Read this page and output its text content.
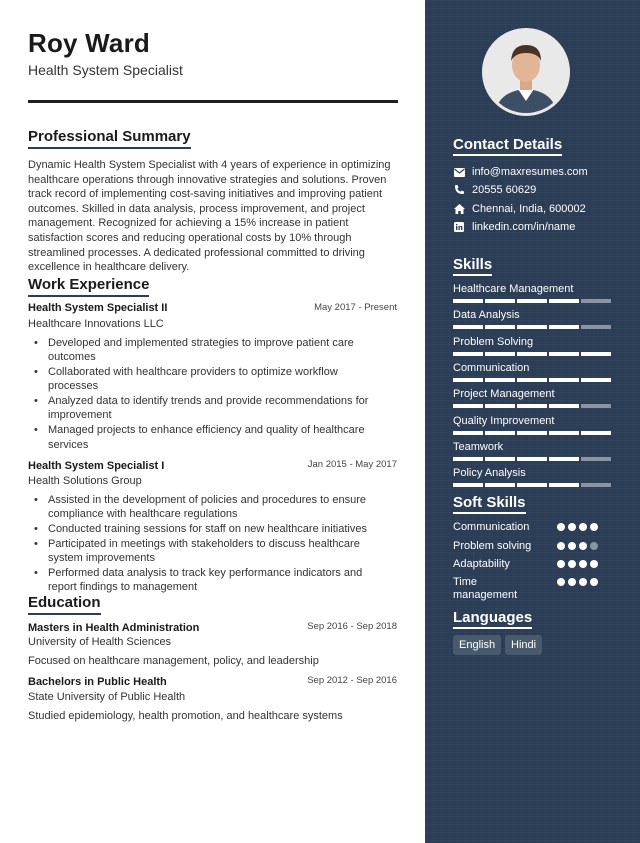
Roy Ward
Health System Specialist
Professional Summary
Dynamic Health System Specialist with 4 years of experience in optimizing healthcare operations through innovative strategies and solutions. Proven track record of implementing cost-saving initiatives and improving patient outcomes. Skilled in data analysis, process improvement, and project management. Recognized for achieving a 15% increase in patient satisfaction scores and reducing operational costs by 10% through streamlined processes. A dedicated professional committed to driving excellence in healthcare delivery.
Work Experience
Health System Specialist II	May 2017 - Present
Healthcare Innovations LLC
• Developed and implemented strategies to improve patient care outcomes
• Collaborated with healthcare providers to optimize workflow processes
• Analyzed data to identify trends and provide recommendations for improvement
• Managed projects to enhance efficiency and quality of healthcare services
Health System Specialist I	Jan 2015 - May 2017
Health Solutions Group
• Assisted in the development of policies and procedures to ensure compliance with healthcare regulations
• Conducted training sessions for staff on new healthcare initiatives
• Participated in meetings with stakeholders to discuss healthcare system improvements
• Performed data analysis to track key performance indicators and report findings to management
Education
Masters in Health Administration	Sep 2016 - Sep 2018
University of Health Sciences
Focused on healthcare management, policy, and leadership
Bachelors in Public Health	Sep 2012 - Sep 2016
State University of Public Health
Studied epidemiology, health promotion, and healthcare systems
Contact Details
info@maxresumes.com
20555 60629
Chennai, India, 600002
linkedin.com/in/name
Skills
Healthcare Management
Data Analysis
Problem Solving
Communication
Project Management
Quality Improvement
Teamwork
Policy Analysis
Soft Skills
Communication
Problem solving
Adaptability
Time management
Languages
English	Hindi
